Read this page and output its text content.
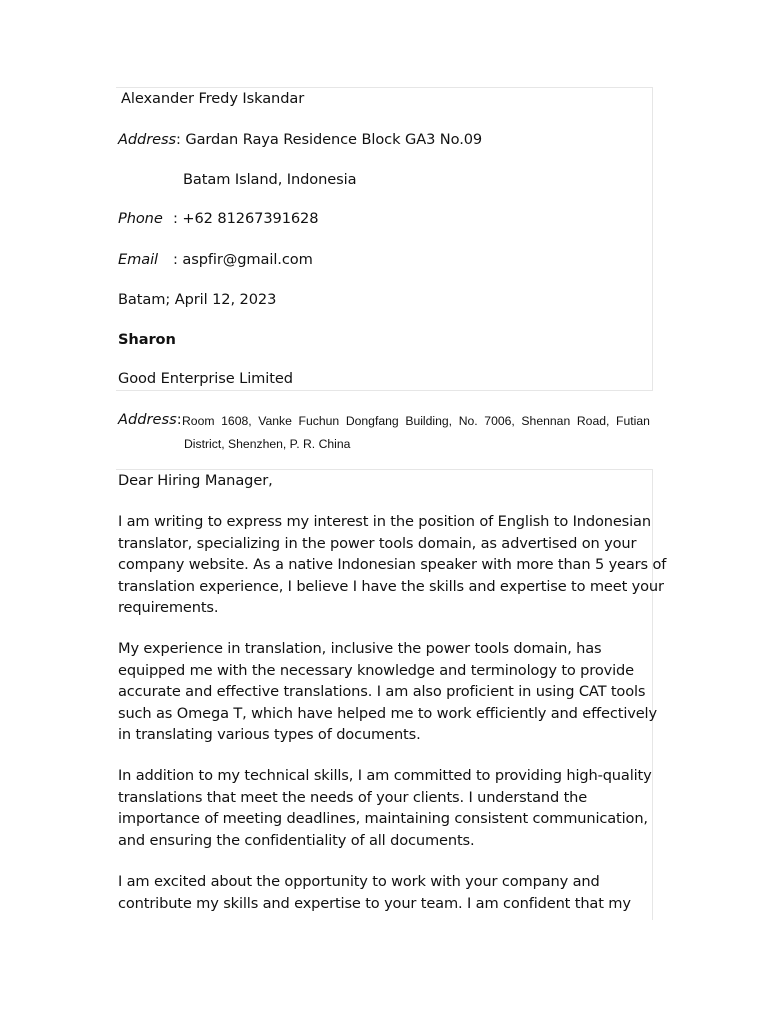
Alexander Fredy Iskandar
Address: Gardan Raya Residence Block GA3 No.09
Batam Island, Indonesia
Phone : +62 81267391628
Email : aspfir@gmail.com
Batam; April 12, 2023
Sharon
Good Enterprise Limited
Address: Room 1608, Vanke Fuchun Dongfang Building, No. 7006, Shennan Road, Futian
District, Shenzhen, P. R. China
Dear Hiring Manager,
I am writing to express my interest in the position of English to Indonesian
translator, specializing in the power tools domain, as advertised on your
company website. As a native Indonesian speaker with more than 5 years of
translation experience, I believe I have the skills and expertise to meet your
requirements.
My experience in translation, inclusive the power tools domain, has
equipped me with the necessary knowledge and terminology to provide
accurate and effective translations. I am also proficient in using CAT tools
such as Omega T, which have helped me to work efficiently and effectively
in translating various types of documents.
In addition to my technical skills, I am committed to providing high-quality
translations that meet the needs of your clients. I understand the
importance of meeting deadlines, maintaining consistent communication,
and ensuring the confidentiality of all documents.
I am excited about the opportunity to work with your company and
contribute my skills and expertise to your team. I am confident that my
